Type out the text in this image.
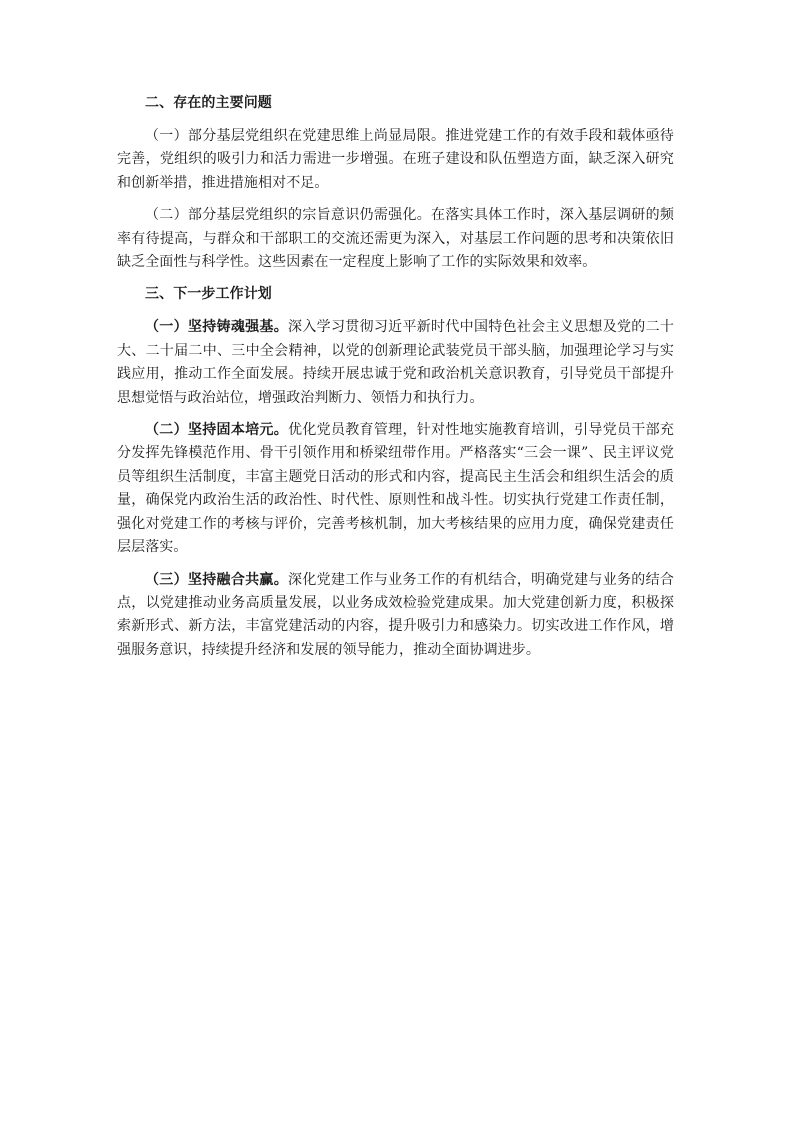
二、存在的主要问题

（一）部分基层党组织在党建思维上尚显局限。推进党建工作的有效手段和载体亟待完善，党组织的吸引力和活力需进一步增强。在班子建设和队伍塑造方面，缺乏深入研究和创新举措，推进措施相对不足。

（二）部分基层党组织的宗旨意识仍需强化。在落实具体工作时，深入基层调研的频率有待提高，与群众和干部职工的交流还需更为深入，对基层工作问题的思考和决策依旧缺乏全面性与科学性。这些因素在一定程度上影响了工作的实际效果和效率。

三、下一步工作计划

（一）坚持铸魂强基。深入学习贯彻习近平新时代中国特色社会主义思想及党的二十大、二十届二中、三中全会精神，以党的创新理论武装党员干部头脑，加强理论学习与实践应用，推动工作全面发展。持续开展忠诚于党和政治机关意识教育，引导党员干部提升思想觉悟与政治站位，增强政治判断力、领悟力和执行力。

（二）坚持固本培元。优化党员教育管理，针对性地实施教育培训，引导党员干部充分发挥先锋模范作用、骨干引领作用和桥梁纽带作用。严格落实“三会一课”、民主评议党员等组织生活制度，丰富主题党日活动的形式和内容，提高民主生活会和组织生活会的质量，确保党内政治生活的政治性、时代性、原则性和战斗性。切实执行党建工作责任制，强化对党建工作的考核与评价，完善考核机制，加大考核结果的应用力度，确保党建责任层层落实。

（三）坚持融合共赢。深化党建工作与业务工作的有机结合，明确党建与业务的结合点，以党建推动业务高质量发展，以业务成效检验党建成果。加大党建创新力度，积极探索新形式、新方法，丰富党建活动的内容，提升吸引力和感染力。切实改进工作作风，增强服务意识，持续提升经济和发展的领导能力，推动全面协调进步。
